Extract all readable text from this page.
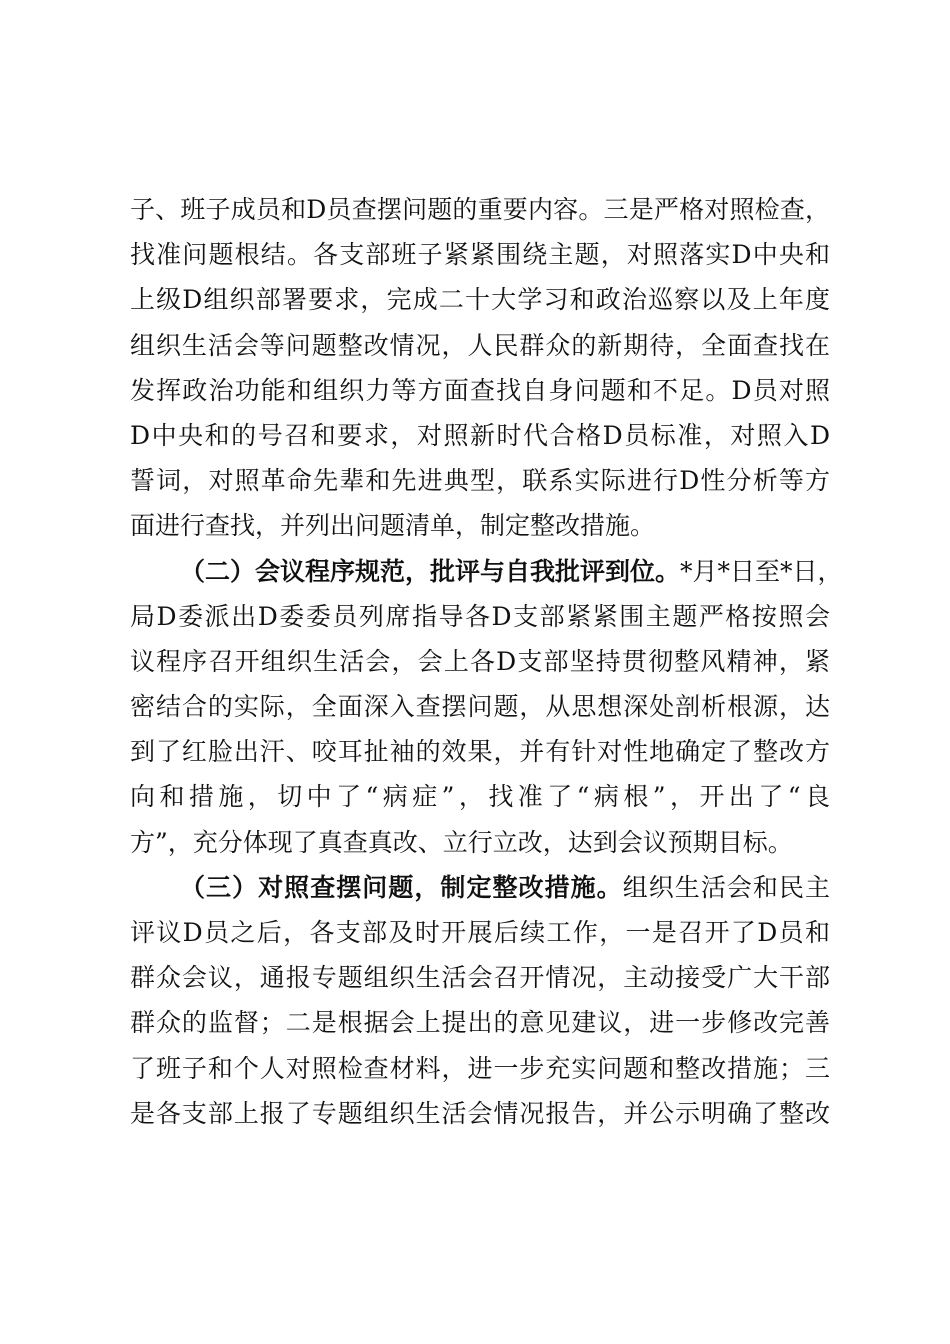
子、班子成员和D员查摆问题的重要内容。三是严格对照检查，
找准问题根结。各支部班子紧紧围绕主题，对照落实D中央和
上级D组织部署要求，完成二十大学习和政治巡察以及上年度
组织生活会等问题整改情况，人民群众的新期待，全面查找在
发挥政治功能和组织力等方面查找自身问题和不足。D员对照
D中央和的号召和要求，对照新时代合格D员标准，对照入D
誓词，对照革命先辈和先进典型，联系实际进行D性分析等方
面进行查找，并列出问题清单，制定整改措施。
（二）会议程序规范，批评与自我批评到位。*月*日至*日，
局D委派出D委委员列席指导各D支部紧紧围主题严格按照会
议程序召开组织生活会，会上各D支部坚持贯彻整风精神，紧
密结合的实际，全面深入查摆问题，从思想深处剖析根源，达
到了红脸出汗、咬耳扯袖的效果，并有针对性地确定了整改方
向和措施，切中了“病症”，找准了“病根”，开出了“良
方”，充分体现了真查真改、立行立改，达到会议预期目标。
（三）对照查摆问题，制定整改措施。组织生活会和民主
评议D员之后，各支部及时开展后续工作，一是召开了D员和
群众会议，通报专题组织生活会召开情况，主动接受广大干部
群众的监督；二是根据会上提出的意见建议，进一步修改完善
了班子和个人对照检查材料，进一步充实问题和整改措施；三
是各支部上报了专题组织生活会情况报告，并公示明确了整改
